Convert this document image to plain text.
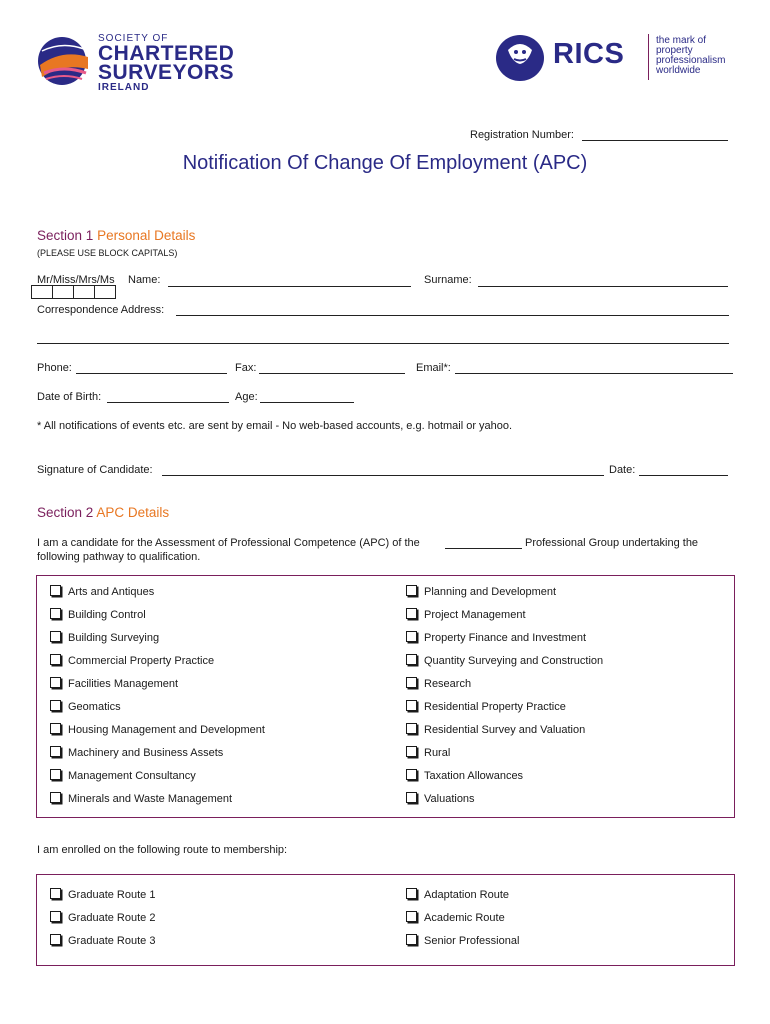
SOCIETY OF
CHARTERED
SURVEYORS
IRELAND
RICS	the mark of
property
professionalism
worldwide
Registration Number:
Notification Of Change Of Employment (APC)
Section 1 Personal Details
(PLEASE USE BLOCK CAPITALS)
Mr/Miss/Mrs/Ms Name:	Surname:
Correspondence Address:
Phone:	Fax:	Email*:
Date of Birth:	Age:
* All notifications of events etc. are sent by email - No web-based accounts, e.g. hotmail or yahoo.
Signature of Candidate:	Date:
Section 2 APC Details
I am a candidate for the Assessment of Professional Competence (APC) of the	Professional Group undertaking the
following pathway to qualification.
Arts and Antiques
Building Control
Building Surveying
Commercial Property Practice
Facilities Management
Geomatics
Housing Management and Development
Machinery and Business Assets
Management Consultancy
Minerals and Waste Management
Planning and Development
Project Management
Property Finance and Investment
Quantity Surveying and Construction
Research
Residential Property Practice
Residential Survey and Valuation
Rural
Taxation Allowances
Valuations
I am enrolled on the following route to membership:
Graduate Route 1
Graduate Route 2
Graduate Route 3
Adaptation Route
Academic Route
Senior Professional
